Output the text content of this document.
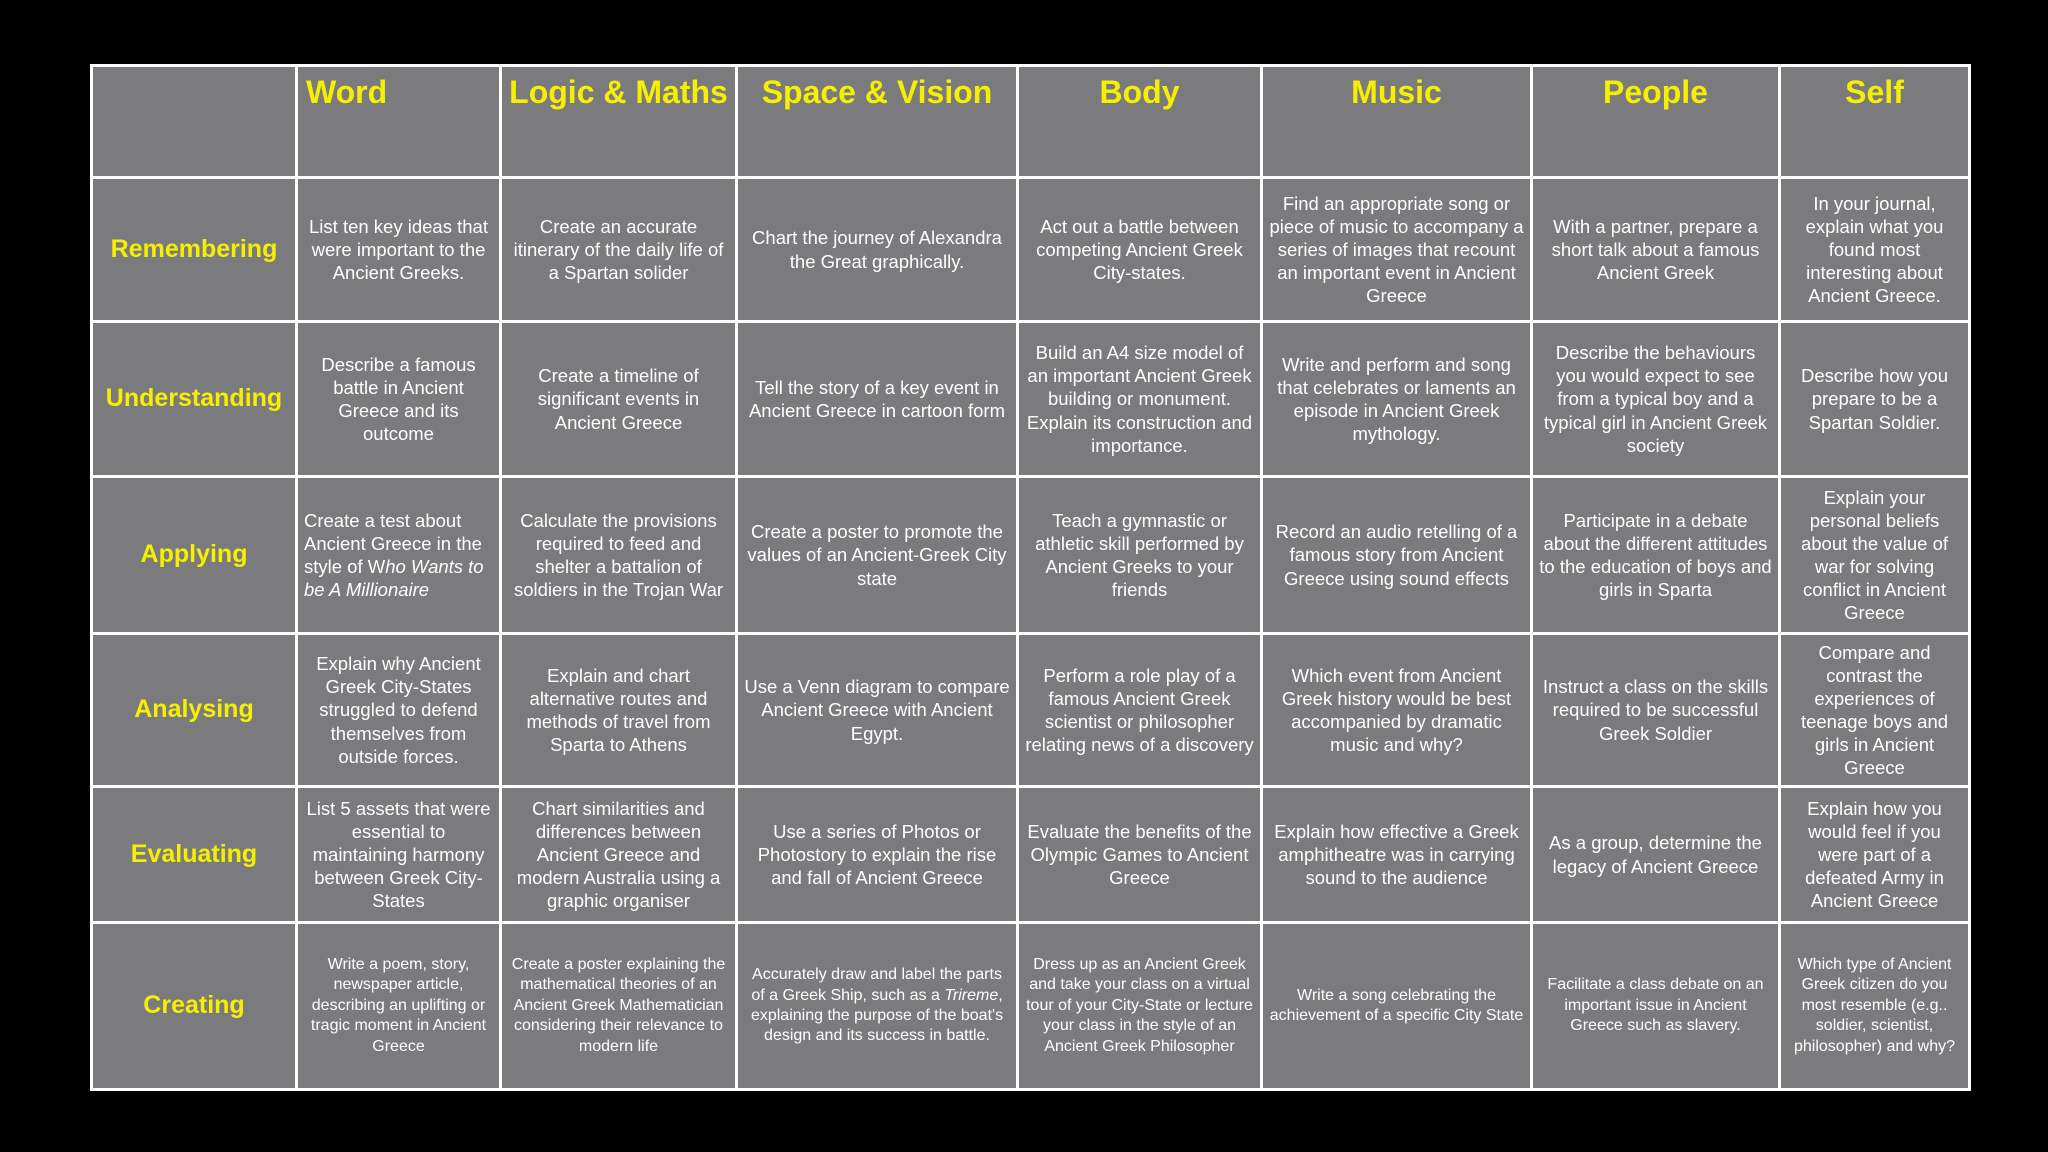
	Word	Logic & Maths	Space & Vision	Body	Music	People	Self
Remembering	List ten key ideas that were important to the Ancient Greeks.	Create an accurate itinerary of the daily life of a Spartan solider	Chart the journey of Alexandra the Great graphically.	Act out a battle between competing Ancient Greek City-states.	Find an appropriate song or piece of music to accompany a series of images that recount an important event in Ancient Greece	With a partner, prepare a short talk about a famous Ancient Greek	In your journal, explain what you found most interesting about Ancient Greece.
Understanding	Describe a famous battle in Ancient Greece and its outcome	Create a timeline of significant events in Ancient Greece	Tell the story of a key event in Ancient Greece in cartoon form	Build an A4 size model of an important Ancient Greek building or monument. Explain its construction and importance.	Write and perform and song that celebrates or laments an episode in Ancient Greek mythology.	Describe the behaviours you would expect to see from a typical boy and a typical girl in Ancient Greek society	Describe how you prepare to be a Spartan Soldier.
Applying	Create a test about Ancient Greece in the style of Who Wants to be A Millionaire	Calculate the provisions required to feed and shelter a battalion of soldiers in the Trojan War	Create a poster to promote the values of an Ancient-Greek City state	Teach a gymnastic or athletic skill performed by Ancient Greeks to your friends	Record an audio retelling of a famous story from Ancient Greece using sound effects	Participate in a debate about the different attitudes to the education of boys and girls in Sparta	Explain your personal beliefs about the value of war for solving conflict in Ancient Greece
Analysing	Explain why Ancient Greek City-States struggled to defend themselves from outside forces.	Explain and chart alternative routes and methods of travel from Sparta to Athens	Use a Venn diagram to compare Ancient Greece with Ancient Egypt.	Perform a role play of a famous Ancient Greek scientist or philosopher relating news of a discovery	Which event from Ancient Greek history would be best accompanied by dramatic music and why?	Instruct a class on the skills required to be successful Greek Soldier	Compare and contrast the experiences of teenage boys and girls in Ancient Greece
Evaluating	List 5 assets that were essential to maintaining harmony between Greek City-States	Chart similarities and differences between Ancient Greece and modern Australia using a graphic organiser	Use a series of Photos or Photostory to explain the rise and fall of Ancient Greece	Evaluate the benefits of the Olympic Games to Ancient Greece	Explain how effective a Greek amphitheatre was in carrying sound to the audience	As a group, determine the legacy of Ancient Greece	Explain how you would feel if you were part of a defeated Army in Ancient Greece
Creating	Write a poem, story, newspaper article, describing an uplifting or tragic moment in Ancient Greece	Create a poster explaining the mathematical theories of an Ancient Greek Mathematician considering their relevance to modern life	Accurately draw and label the parts of a Greek Ship, such as a Trireme, explaining the purpose of the boat's design and its success in battle.	Dress up as an Ancient Greek and take your class on a virtual tour of your City-State or lecture your class in the style of an Ancient Greek Philosopher	Write a song celebrating the achievement of a specific City State	Facilitate a class debate on an important issue in Ancient Greece such as slavery.	Which type of Ancient Greek citizen do you most resemble (e.g.. soldier, scientist, philosopher) and why?
